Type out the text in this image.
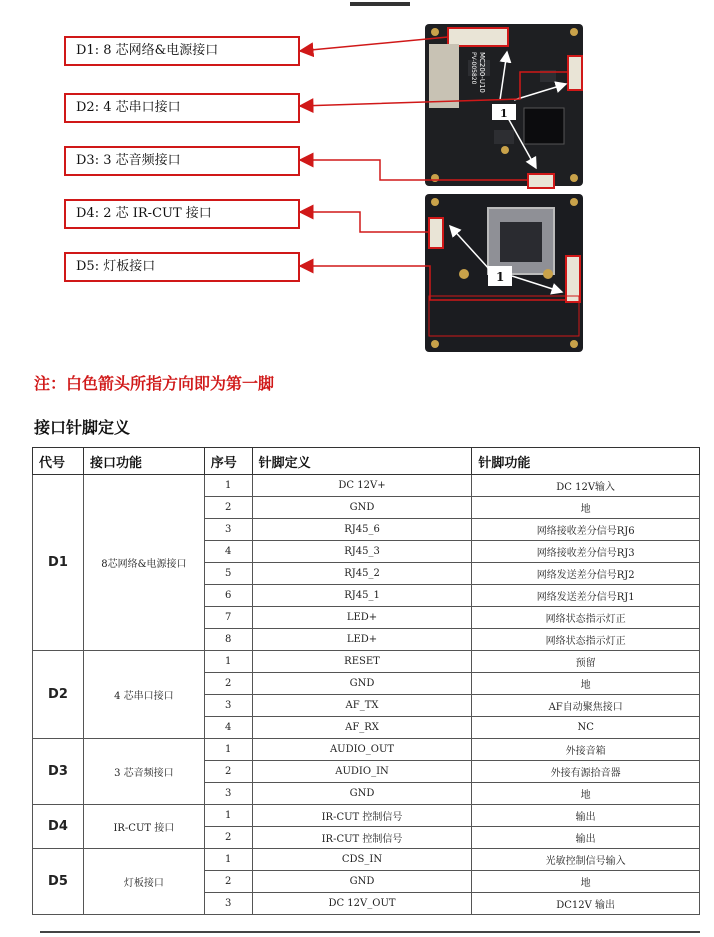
D1: 8 芯网络&电源接口
D2: 4 芯串口接口
D3: 3 芯音频接口
D4: 2 芯 IR-CUT 接口
D5: 灯板接口
MC200-U10
PV-005820
1
1
注：白色箭头所指方向即为第一脚
接口针脚定义
代号	接口功能	序号	针脚定义	针脚功能
D1	8芯网络&电源接口	1	DC 12V+	DC 12V输入
		2	GND	地
		3	RJ45_6	网络接收差分信号RJ6
		4	RJ45_3	网络接收差分信号RJ3
		5	RJ45_2	网络发送差分信号RJ2
		6	RJ45_1	网络发送差分信号RJ1
		7	LED+	网络状态指示灯正
		8	LED+	网络状态指示灯正
D2	4 芯串口接口	1	RESET	预留
		2	GND	地
		3	AF_TX	AF自动聚焦接口
		4	AF_RX	NC
D3	3 芯音频接口	1	AUDIO_OUT	外接音箱
		2	AUDIO_IN	外接有源拾音器
		3	GND	地
D4	IR-CUT 接口	1	IR-CUT 控制信号	输出
		2	IR-CUT 控制信号	输出
D5	灯板接口	1	CDS_IN	光敏控制信号输入
		2	GND	地
		3	DC 12V_OUT	DC12V 输出
